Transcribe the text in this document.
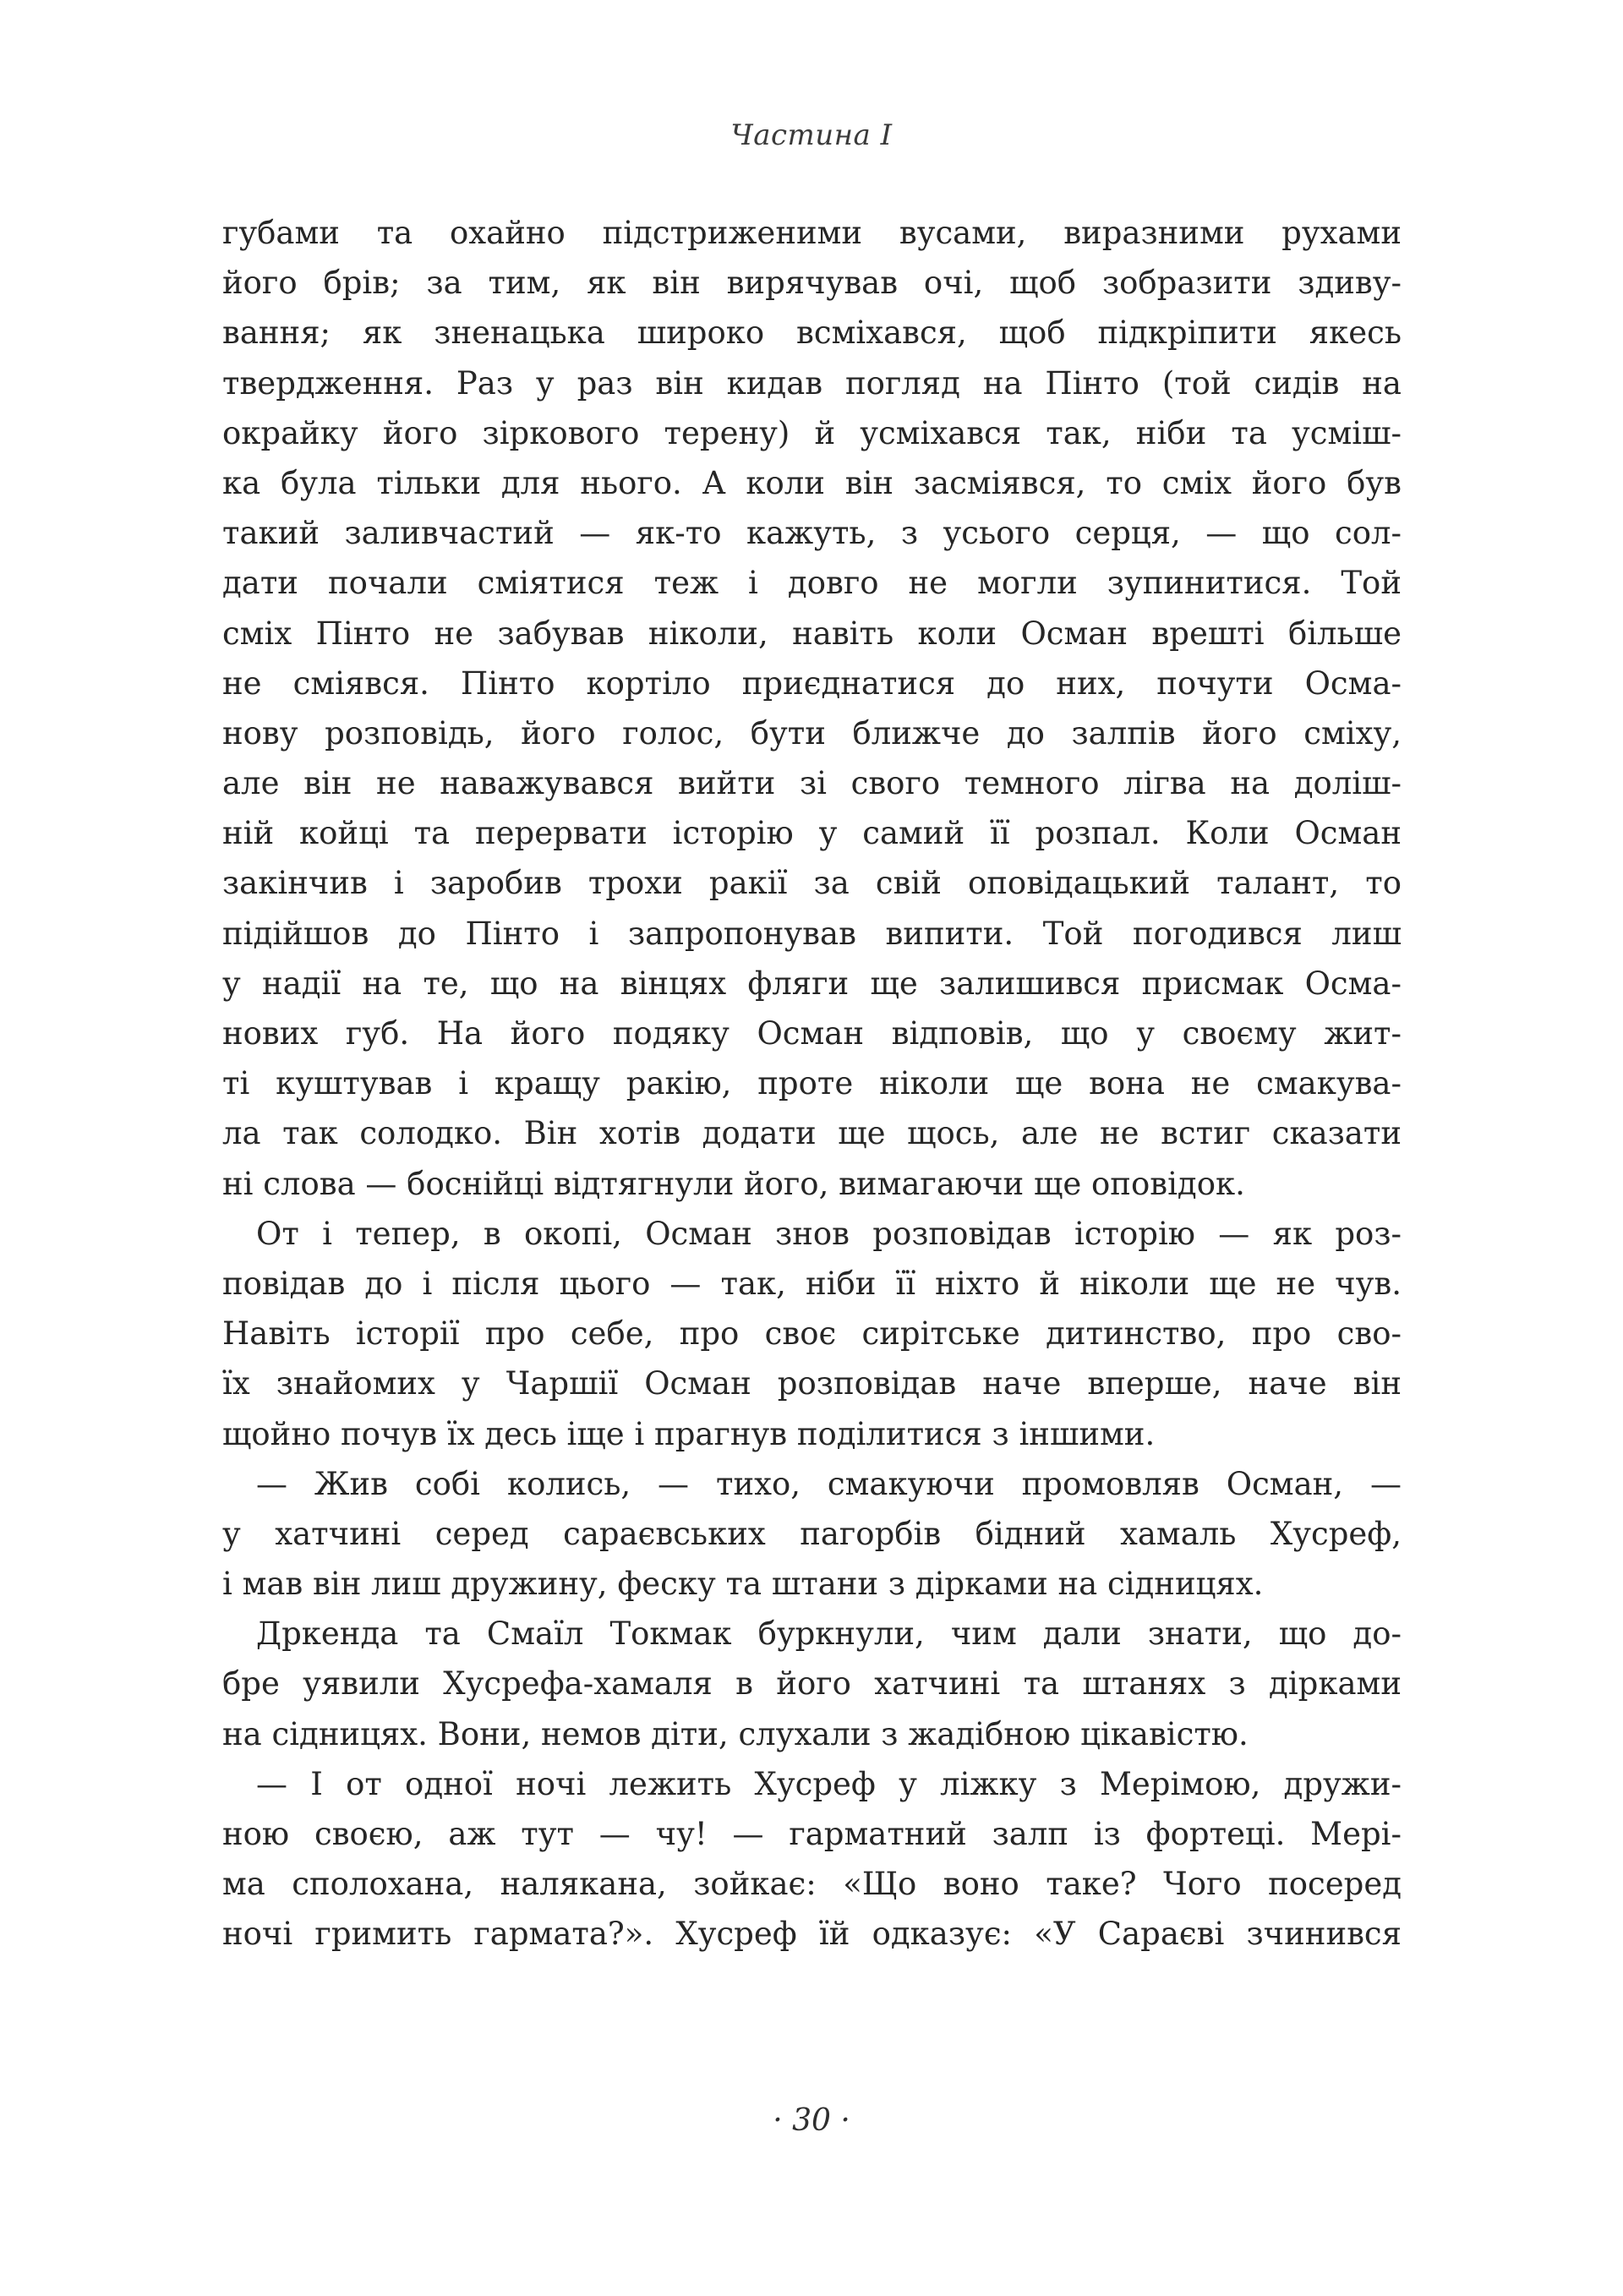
Частина I
губами та охайно підстриженими вусами, виразними рухами
його брів; за тим, як він вирячував очі, щоб зобразити здиву-
вання; як зненацька широко всміхався, щоб підкріпити якесь
твердження. Раз у раз він кидав погляд на Пінто (той сидів на
окрайку його зіркового терену) й усміхався так, ніби та усміш-
ка була тільки для нього. А коли він засміявся, то сміх його був
такий заливчастий — як-то кажуть, з усього серця, — що сол-
дати почали сміятися теж і довго не могли зупинитися. Той
сміх Пінто не забував ніколи, навіть коли Осман врешті більше
не сміявся. Пінто кортіло приєднатися до них, почути Осма-
нову розповідь, його голос, бути ближче до залпів його сміху,
але він не наважувався вийти зі свого темного лігва на доліш-
ній койці та перервати історію у самий її розпал. Коли Осман
закінчив і заробив трохи ракії за свій оповідацький талант, то
підійшов до Пінто і запропонував випити. Той погодився лиш
у надії на те, що на вінцях фляги ще залишився присмак Осма-
нових губ. На його подяку Осман відповів, що у своєму жит-
ті куштував і кращу ракію, проте ніколи ще вона не смакува-
ла так солодко. Він хотів додати ще щось, але не встиг сказати
ні слова — боснійці відтягнули його, вимагаючи ще оповідок.
От і тепер, в окопі, Осман знов розповідав історію — як роз-
повідав до і після цього — так, ніби її ніхто й ніколи ще не чув.
Навіть історії про себе, про своє сирітське дитинство, про сво-
їх знайомих у Чаршії Осман розповідав наче вперше, наче він
щойно почув їх десь іще і прагнув поділитися з іншими.
— Жив собі колись, — тихо, смакуючи промовляв Осман, —
у хатчині серед сараєвських пагорбів бідний хамаль Хусреф,
і мав він лиш дружину, феску та штани з дірками на сідницях.
Дркенда та Смаїл Токмак буркнули, чим дали знати, що до-
бре уявили Хусрефа-хамаля в його хатчині та штанях з дірками
на сідницях. Вони, немов діти, слухали з жадібною цікавістю.
— І от одної ночі лежить Хусреф у ліжку з Мерімою, дружи-
ною своєю, аж тут — чу! — гарматний залп із фортеці. Мері-
ма сполохана, налякана, зойкає: «Що воно таке? Чого посеред
ночі гримить гармата?». Хусреф їй одказує: «У Сараєві зчинився
· 30 ·
